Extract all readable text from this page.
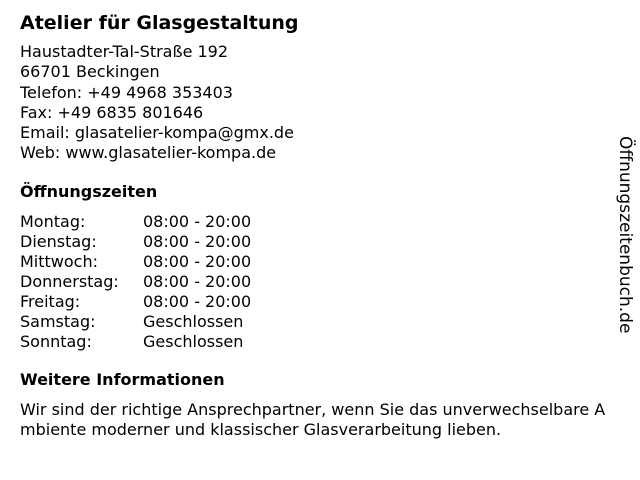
Atelier für Glasgestaltung
Haustadter-Tal-Straße 192
66701 Beckingen
Telefon: +49 4968 353403
Fax: +49 6835 801646
Email: glasatelier-kompa@gmx.de
Web: www.glasatelier-kompa.de
Öffnungszeiten
Montag:	08:00 - 20:00
Dienstag:	08:00 - 20:00
Mittwoch:	08:00 - 20:00
Donnerstag:	08:00 - 20:00
Freitag:	08:00 - 20:00
Samstag:	Geschlossen
Sonntag:	Geschlossen
Weitere Informationen

Wir sind der richtige Ansprechpartner, wenn Sie das unverwechselbare Ambiente moderner und klassischer Glasverarbeitung lieben.

Öffnungszeitenbuch.de
